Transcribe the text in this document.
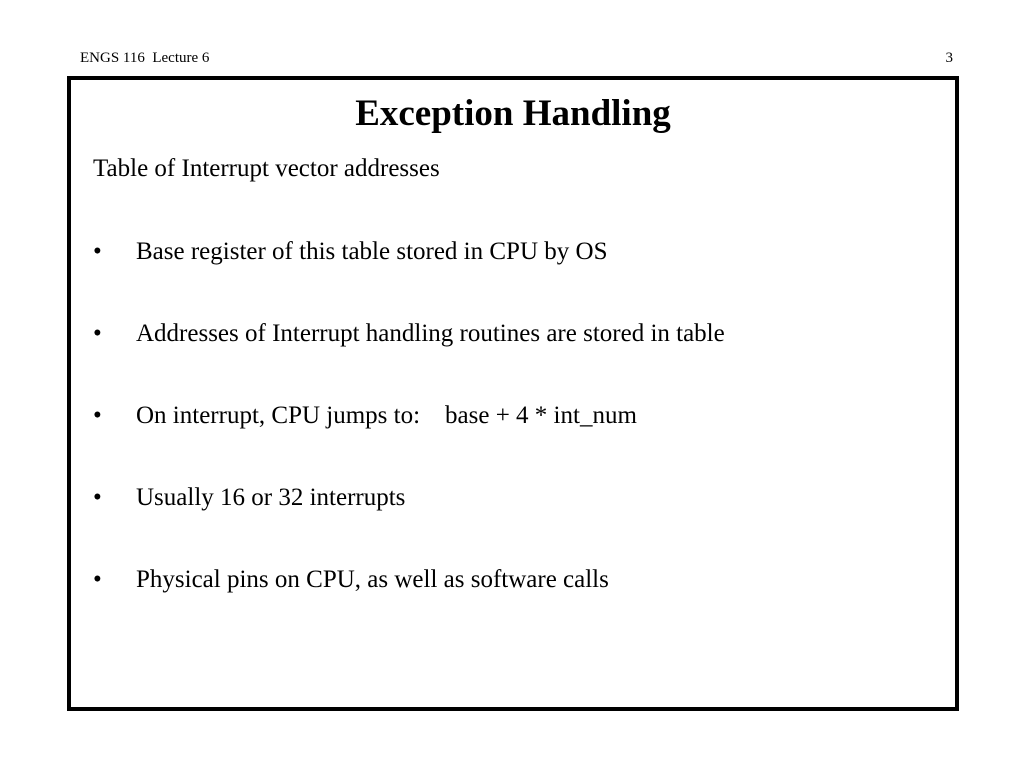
ENGS 116  Lecture 6	3
Exception Handling
Table of Interrupt vector addresses
•	Base register of this table stored in CPU by OS
•	Addresses of Interrupt handling routines are stored in table
•	On interrupt, CPU jumps to:    base + 4 * int_num
•	Usually 16 or 32 interrupts
•	Physical pins on CPU, as well as software calls
